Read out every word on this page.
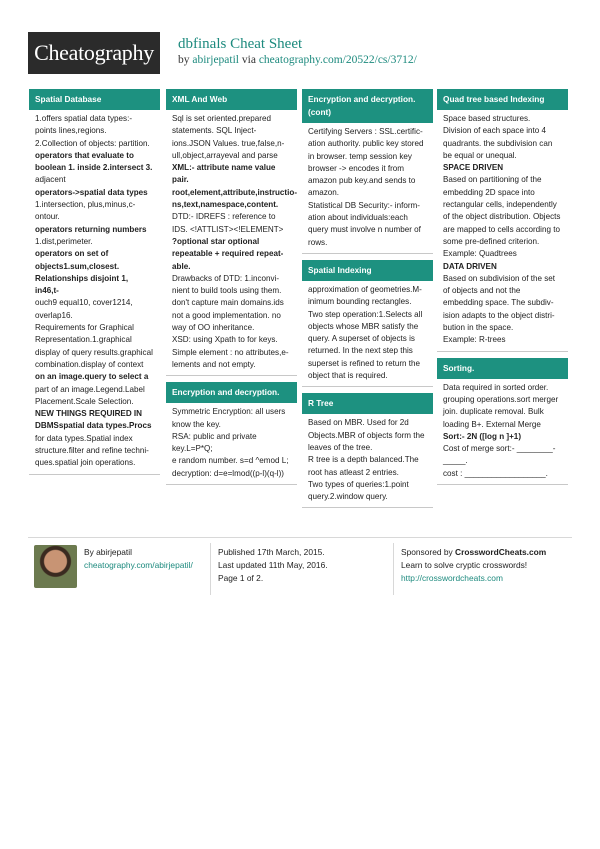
Cheatography	dbfinals Cheat Sheet
by abirjepatil via cheatography.com/20522/cs/3712/
Spatial Database
1.offers spatial data types:-
points lines,regions.
2.Collection of objects: partition.
operators that evaluate to
boolean 1. inside 2.intersect 3.
adjacent
operators->spatial data types
1.intersection, plus,minus,c-
ontour.
operators returning numbers
1.dist,perimeter.
operators on set of
objects1.sum,closest.
Relationships disjoint 1, in46,t-
ouch9 equal10, cover1214,
overlap16.
Requirements for Graphical
Representation.1.graphical
display of query results.graphical
combination.display of context
on an image.query to select a
part of an image.Legend.Label
Placement.Scale Selection.
NEW THINGS REQUIRED IN
DBMSspatial data types.Procs
for data types.Spatial index
structure.filter and refine techni-
ques.spatial join operations.
XML And Web
Sql is set oriented.prepared
statements. SQL Inject-
ions.JSON Values. true,false,n-
ull,object,arrayeval and parse
XML:- attribute name value pair.
root,element,attribute,instructio-
ns,text,namespace,content.
DTD:- IDREFS : reference to
IDS. <!ATTLIST><!ELEMENT>
?optional star optional
repeatable + required repeat-
able.
Drawbacks of DTD: 1.inconvi-
nient to build tools using them.
don't capture main domains.ids
not a good implementation. no
way of OO inheritance.
XSD: using Xpath to for keys.
Simple element : no attributes,e-
lements and not empty.
Encryption and decryption.
Symmetric Encryption: all users
know the key.
RSA: public and private
key.L=P*Q;
e random number. s=d ^emod L;
decryption: d=e=lmod((p-l)(q-l))
Encryption and decryption. (cont)
Certifying Servers : SSL.certific-
ation authority. public key stored
in browser. temp session key
browser -> encodes it from
amazon pub key.and sends to
amazon.
Statistical DB Security:- inform-
ation about individuals:each
query must involve n number of
rows.
Spatial Indexing
approximation of geometries.M-
inimum bounding rectangles.
Two step operation:1.Selects all
objects whose MBR satisfy the
query. A superset of objects is
returned. In the next step this
superset is refined to return the
object that is required.
R Tree
Based on MBR. Used for 2d
Objects.MBR of objects form the
leaves of the tree.
R tree is a depth balanced.The
root has atleast 2 entries.
Two types of queries:1.point
query.2.window query.
Quad tree based Indexing
Space based structures.
Division of each space into 4
quadrants. the subdivision can
be equal or unequal.
SPACE DRIVEN
Based on partitioning of the
embedding 2D space into
rectangular cells, independently
of the object distribution. Objects
are mapped to cells according to
some pre-defined criterion.
Example: Quadtrees
DATA DRIVEN
Based on subdivision of the set
of objects and not the
embedding space. The subdiv-
ision adapts to the object distri-
bution in the space.
Example: R-trees
Sorting.
Data required in sorted order.
grouping operations.sort merger
join. duplicate removal. Bulk
loading B+. External Merge
Sort:- 2N ([log n ]+1)
Cost of merge sort:- ________-
_____.
cost : __________________.
By abirjepatil
cheatography.com/abirjepatil/
Published 17th March, 2015.
Last updated 11th May, 2016.
Page 1 of 2.
Sponsored by CrosswordCheats.com
Learn to solve cryptic crosswords!
http://crosswordcheats.com
